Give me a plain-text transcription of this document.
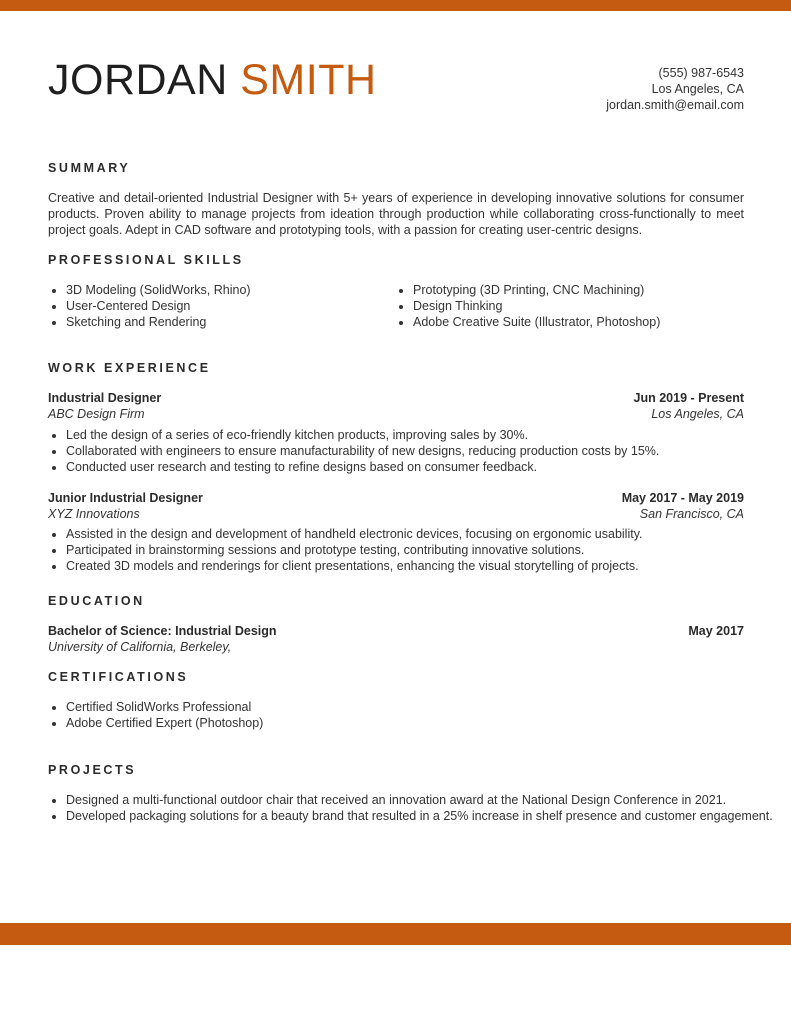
JORDAN SMITH	(555) 987-6543
Los Angeles, CA
jordan.smith@email.com
SUMMARY
Creative and detail-oriented Industrial Designer with 5+ years of experience in developing innovative solutions for consumer products. Proven ability to manage projects from ideation through production while collaborating cross-functionally to meet project goals. Adept in CAD software and prototyping tools, with a passion for creating user-centric designs.
PROFESSIONAL SKILLS
• 3D Modeling (SolidWorks, Rhino)
• User-Centered Design
• Sketching and Rendering
• Prototyping (3D Printing, CNC Machining)
• Design Thinking
• Adobe Creative Suite (Illustrator, Photoshop)
WORK EXPERIENCE
Industrial Designer	Jun 2019 - Present
ABC Design Firm	Los Angeles, CA
• Led the design of a series of eco-friendly kitchen products, improving sales by 30%.
• Collaborated with engineers to ensure manufacturability of new designs, reducing production costs by 15%.
• Conducted user research and testing to refine designs based on consumer feedback.
Junior Industrial Designer	May 2017 - May 2019
XYZ Innovations	San Francisco, CA
• Assisted in the design and development of handheld electronic devices, focusing on ergonomic usability.
• Participated in brainstorming sessions and prototype testing, contributing innovative solutions.
• Created 3D models and renderings for client presentations, enhancing the visual storytelling of projects.
EDUCATION
Bachelor of Science: Industrial Design	May 2017
University of California, Berkeley,
CERTIFICATIONS
• Certified SolidWorks Professional
• Adobe Certified Expert (Photoshop)
PROJECTS
• Designed a multi-functional outdoor chair that received an innovation award at the National Design Conference in 2021.
• Developed packaging solutions for a beauty brand that resulted in a 25% increase in shelf presence and customer engagement.
